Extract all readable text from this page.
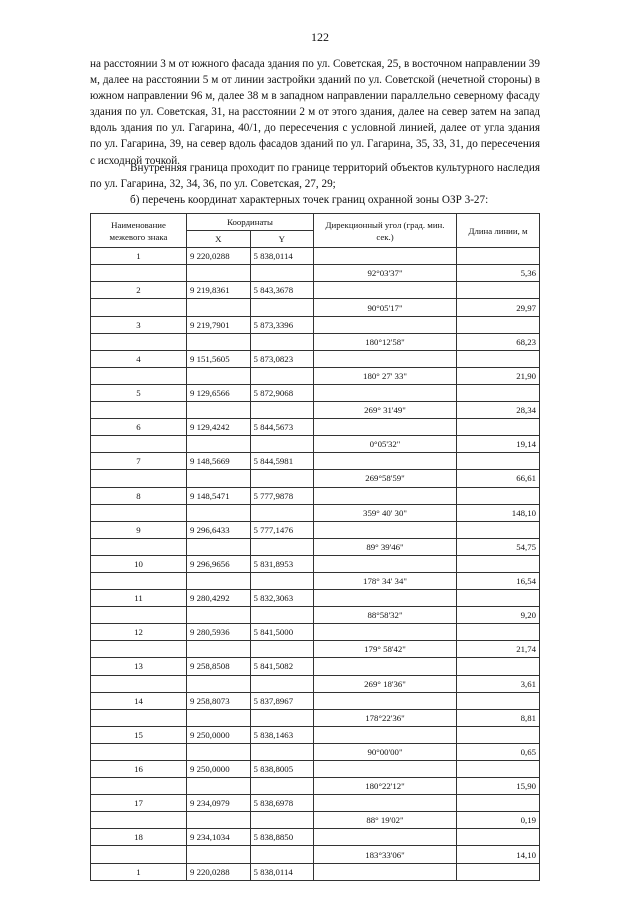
122

на расстоянии 3 м от южного фасада здания по ул. Советская, 25, в восточном направлении 39 м, далее на расстоянии 5 м от линии застройки зданий по ул. Советской (нечетной стороны) в южном направлении 96 м, далее 38 м в западном направлении параллельно северному фасаду здания по ул. Советская, 31, на расстоянии 2 м от этого здания, далее на север затем на запад вдоль здания по ул. Гагарина, 40/1, до пересечения с условной линией, далее от угла здания по ул. Гагарина, 39, на север вдоль фасадов зданий по ул. Гагарина, 35, 33, 31, до пересечения с исходной точкой.

Внутренняя граница проходит по границе территорий объектов культурного наследия по ул. Гагарина, 32, 34, 36, по ул. Советская, 27, 29;

б) перечень координат характерных точек границ охранной зоны ОЗР 3-27:

Наименование межевого знака	Координаты		Дирекционный угол (град. мин. сек.)	Длина линии, м
	X	Y		
1	9 220,0288	5 838,0114		
			92°03'37"	5,36
2	9 219,8361	5 843,3678		
			90°05'17"	29,97
3	9 219,7901	5 873,3396		
			180°12'58"	68,23
4	9 151,5605	5 873,0823		
			180° 27' 33"	21,90
5	9 129,6566	5 872,9068		
			269° 31'49"	28,34
6	9 129,4242	5 844,5673		
			0°05'32"	19,14
7	9 148,5669	5 844,5981		
			269°58'59"	66,61
8	9 148,5471	5 777,9878		
			359° 40' 30"	148,10
9	9 296,6433	5 777,1476		
			89° 39'46"	54,75
10	9 296,9656	5 831,8953		
			178° 34' 34"	16,54
11	9 280,4292	5 832,3063		
			88°58'32"	9,20
12	9 280,5936	5 841,5000		
			179° 58'42"	21,74
13	9 258,8508	5 841,5082		
			269° 18'36"	3,61
14	9 258,8073	5 837,8967		
			178°22'36"	8,81
15	9 250,0000	5 838,1463		
			90°00'00"	0,65
16	9 250,0000	5 838,8005		
			180°22'12"	15,90
17	9 234,0979	5 838,6978		
			88° 19'02"	0,19
18	9 234,1034	5 838,8850		
			183°33'06"	14,10
1	9 220,0288	5 838,0114		
